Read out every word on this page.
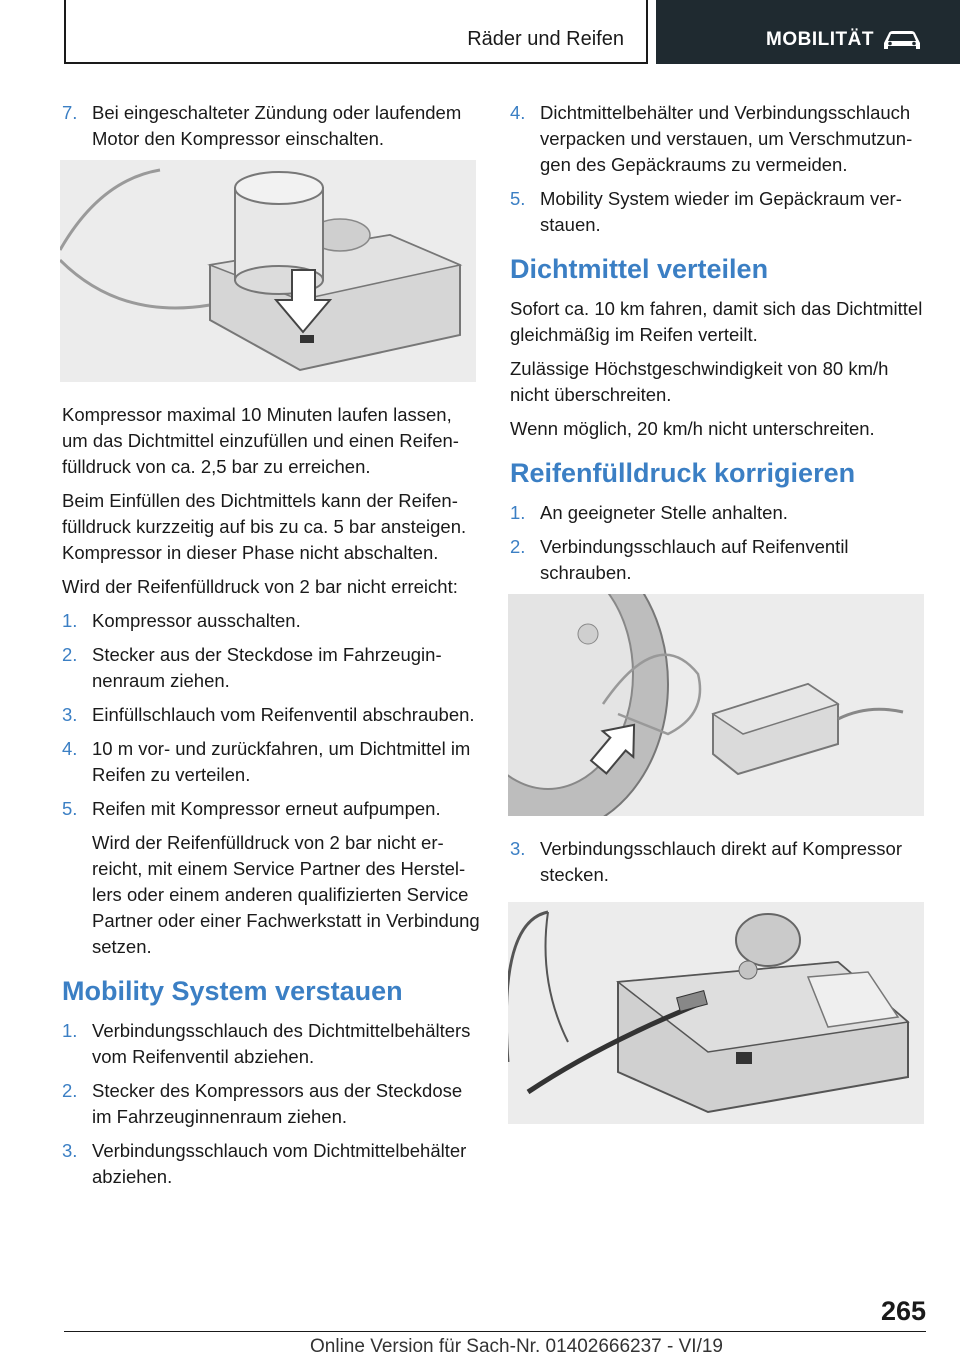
Räder und Reifen	MOBILITÄT
7. Bei eingeschalteter Zündung oder laufendem Motor den Kompressor einschalten.
Kompressor maximal 10 Minuten laufen lassen, um das Dichtmittel einzufüllen und einen Reifenfülldruck von ca. 2,5 bar zu erreichen.
Beim Einfüllen des Dichtmittels kann der Reifenfülldruck kurzzeitig auf bis zu ca. 5 bar ansteigen. Kompressor in dieser Phase nicht abschalten.
Wird der Reifenfülldruck von 2 bar nicht erreicht:
1. Kompressor ausschalten.
2. Stecker aus der Steckdose im Fahrzeuginnenraum ziehen.
3. Einfüllschlauch vom Reifenventil abschrauben.
4. 10 m vor- und zurückfahren, um Dichtmittel im Reifen zu verteilen.
5. Reifen mit Kompressor erneut aufpumpen.
Wird der Reifenfülldruck von 2 bar nicht erreicht, mit einem Service Partner des Herstellers oder einem anderen qualifizierten Service Partner oder einer Fachwerkstatt in Verbindung setzen.
Mobility System verstauen
1. Verbindungsschlauch des Dichtmittelbehälters vom Reifenventil abziehen.
2. Stecker des Kompressors aus der Steckdose im Fahrzeuginnenraum ziehen.
3. Verbindungsschlauch vom Dichtmittelbehälter abziehen.
4. Dichtmittelbehälter und Verbindungsschlauch verpacken und verstauen, um Verschmutzungen des Gepäckraums zu vermeiden.
5. Mobility System wieder im Gepäckraum verstauen.
Dichtmittel verteilen
Sofort ca. 10 km fahren, damit sich das Dichtmittel gleichmäßig im Reifen verteilt.
Zulässige Höchstgeschwindigkeit von 80 km/h nicht überschreiten.
Wenn möglich, 20 km/h nicht unterschreiten.
Reifenfülldruck korrigieren
1. An geeigneter Stelle anhalten.
2. Verbindungsschlauch auf Reifenventil schrauben.
3. Verbindungsschlauch direkt auf Kompressor stecken.
265
Online Version für Sach-Nr. 01402666237 - VI/19
